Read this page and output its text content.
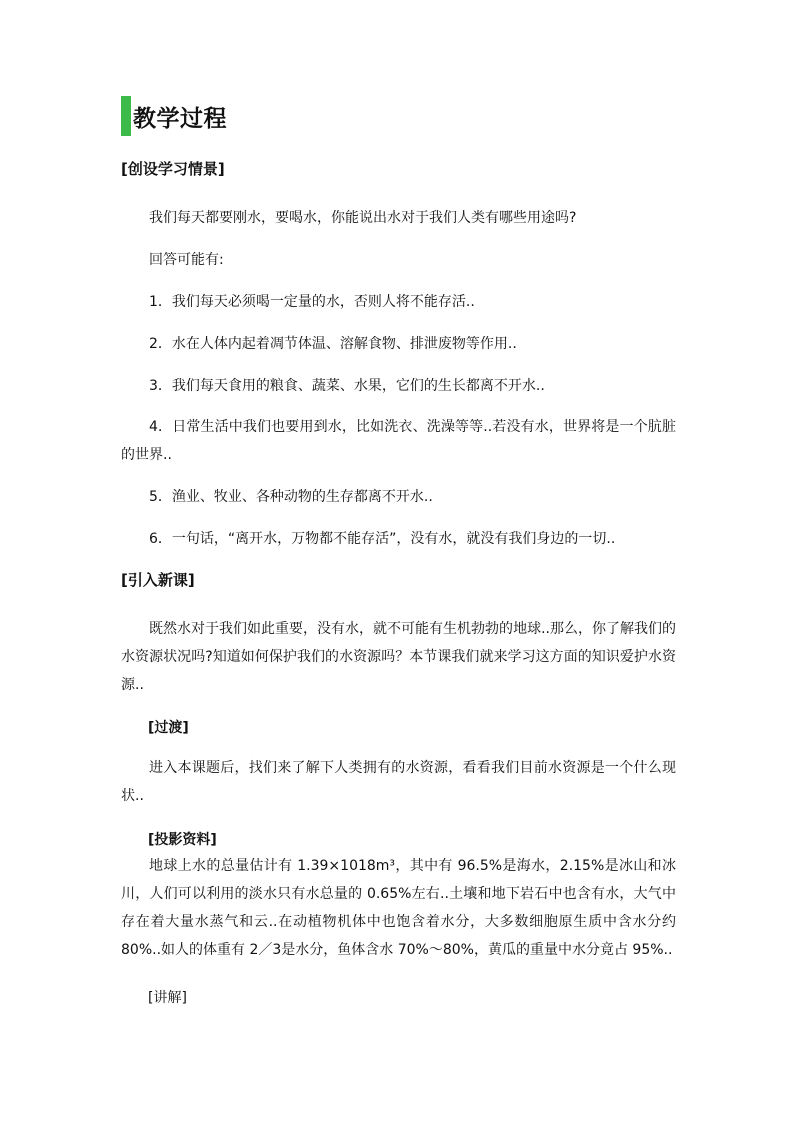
教学过程
[创设学习情景]
我们每天都要刚水，要喝水，你能说出水对于我们人类有哪些用途吗?
回答可能有:
1．我们每天必须喝一定量的水，否则人将不能存活..
2．水在人体内起着凋节体温、溶解食物、排泄废物等作用..
3．我们每天食用的粮食、蔬菜、水果，它们的生长都离不开水..
4．日常生活中我们也要用到水，比如洗衣、洗澡等等..若没有水，世界将是一个肮脏的世界..
5．渔业、牧业、各种动物的生存都离不开水..
6．一句话，“离开水，万物都不能存活”，没有水，就没有我们身边的一切..
[引入新课]
既然水对于我们如此重要，没有水，就不可能有生机勃勃的地球..那么，你了解我们的水资源状况吗?知道如何保护我们的水资源吗？本节课我们就来学习这方面的知识爱护水资源..
[过渡]
进入本课题后，找们来了解下人类拥有的水资源，看看我们目前水资源是一个什么现状..
[投影资料]
地球上水的总量估计有 1.39×1018m³，其中有 96.5%是海水，2.15%是冰山和冰川，人们可以利用的淡水只有水总量的 0.65%左右..土壤和地下岩石中也含有水，大气中存在着大量水蒸气和云..在动植物机体中也饱含着水分，大多数细胞原生质中含水分约 80%..如人的体重有 2／3是水分，鱼体含水 70%～80%，黄瓜的重量中水分竟占 95%..
[讲解]
